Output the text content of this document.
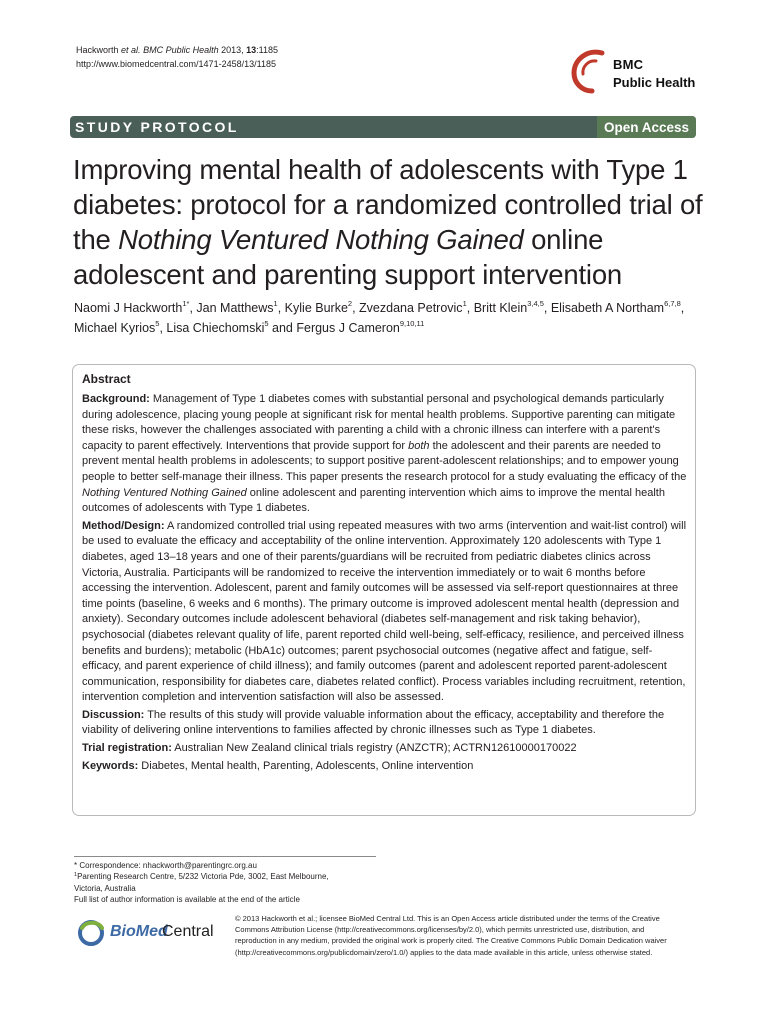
Hackworth et al. BMC Public Health 2013, 13:1185
http://www.biomedcentral.com/1471-2458/13/1185	BMC
Public Health
STUDY PROTOCOL	Open Access
Improving mental health of adolescents with Type 1 diabetes: protocol for a randomized controlled trial of the Nothing Ventured Nothing Gained online adolescent and parenting support intervention
Naomi J Hackworth$^{1*}$, Jan Matthews$^1$, Kylie Burke$^2$, Zvezdana Petrovic$^1$, Britt Klein$^{3,4,5}$, Elisabeth A Northam$^{6,7,8}$,
Michael Kyrios$^5$, Lisa Chiechomski$^5$ and Fergus J Cameron$^{9,10,11}$
Abstract

Background: Management of Type 1 diabetes comes with substantial personal and psychological demands particularly during adolescence, placing young people at significant risk for mental health problems. Supportive parenting can mitigate these risks, however the challenges associated with parenting a child with a chronic illness can interfere with a parent's capacity to parent effectively. Interventions that provide support for both the adolescent and their parents are needed to prevent mental health problems in adolescents; to support positive parent-adolescent relationships; and to empower young people to better self-manage their illness. This paper presents the research protocol for a study evaluating the efficacy of the Nothing Ventured Nothing Gained online adolescent and parenting intervention which aims to improve the mental health outcomes of adolescents with Type 1 diabetes.

Method/Design: A randomized controlled trial using repeated measures with two arms (intervention and wait-list control) will be used to evaluate the efficacy and acceptability of the online intervention. Approximately 120 adolescents with Type 1 diabetes, aged 13–18 years and one of their parents/guardians will be recruited from pediatric diabetes clinics across Victoria, Australia. Participants will be randomized to receive the intervention immediately or to wait 6 months before accessing the intervention. Adolescent, parent and family outcomes will be assessed via self-report questionnaires at three time points (baseline, 6 weeks and 6 months). The primary outcome is improved adolescent mental health (depression and anxiety). Secondary outcomes include adolescent behavioral (diabetes self-management and risk taking behavior), psychosocial (diabetes relevant quality of life, parent reported child well-being, self-efficacy, resilience, and perceived illness benefits and burdens); metabolic (HbA1c) outcomes; parent psychosocial outcomes (negative affect and fatigue, self-efficacy, and parent experience of child illness); and family outcomes (parent and adolescent reported parent-adolescent communication, responsibility for diabetes care, diabetes related conflict). Process variables including recruitment, retention, intervention completion and intervention satisfaction will also be assessed.

Discussion: The results of this study will provide valuable information about the efficacy, acceptability and therefore the viability of delivering online interventions to families affected by chronic illnesses such as Type 1 diabetes.

Trial registration: Australian New Zealand clinical trials registry (ANZCTR); ACTRN12610000170022

Keywords: Diabetes, Mental health, Parenting, Adolescents, Online intervention

* Correspondence: nhackworth@parentingrc.org.au
$^1$Parenting Research Centre, 5/232 Victoria Pde, 3002, East Melbourne,
Victoria, Australia
Full list of author information is available at the end of the article
BioMed
Central
© 2013 Hackworth et al.; licensee BioMed Central Ltd. This is an Open Access article distributed under the terms of the Creative Commons Attribution License (http://creativecommons.org/licenses/by/2.0), which permits unrestricted use, distribution, and reproduction in any medium, provided the original work is properly cited. The Creative Commons Public Domain Dedication waiver (http://creativecommons.org/publicdomain/zero/1.0/) applies to the data made available in this article, unless otherwise stated.
